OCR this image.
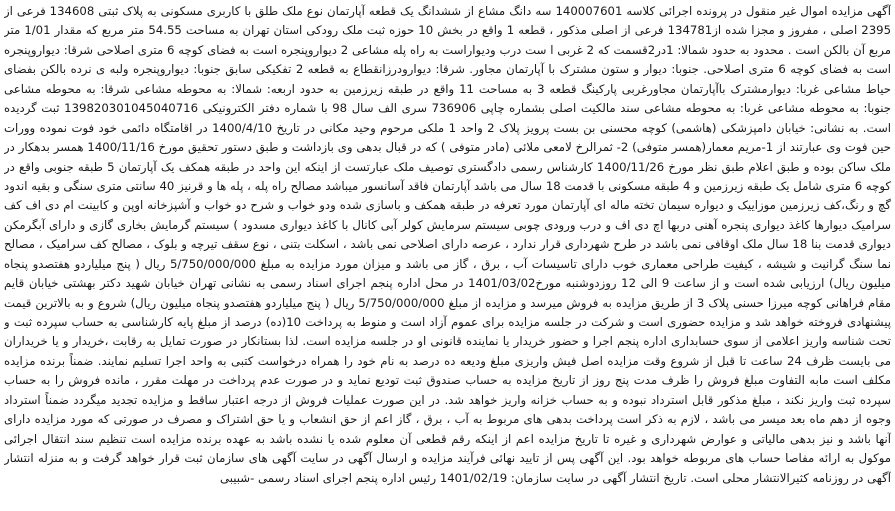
آگهی مزایده اموال غیر منقول در پرونده اجرائی کلاسه 140007601 سه دانگ مشاع از ششدانگ یک قطعه آپارتمان نوع ملک طلق با کاربری مسکونی به پلاک ثبتی 134608 فرعی از 2395 اصلی ، مفروز و مجزا شده از134781 فرعی از اصلی مذکور ، قطعه 1 واقع در بخش 10 حوزه ثبت ملک رودکی استان تهران به مساحت 54.55 متر مربع که مقدار 1/01 متر مربع آن بالکن است . محدود به حدود شمالا: 1در2قسمت که 2 غربی ا ست درب وديواراست به راه پله مشاعی 2 ديواروپنجره است به فضای کوچه 6 متری اصلاحی شرقا: ديواروپنجره است به فضای کوچه 6 متری اصلاحی. جنوبا: ديوار و ستون مشترک با آپارتمان مجاور. شرقا: دیوارودرزانقطاع به قطعه 2 تفکیکی سابق جنوبا: دیواروپنجره ولبه ی نرده بالکن بفضای حیاط مشاعی غربا: دیوارمشترک باآپارتمان مجاورغربی پارکینگ قطعه 3 به مساحت 11 واقع در طبقه زیرزمین به حدود اربعه: شمالا: به محوطه مشاعی شرقا: به محوطه مشاعی جنوبا: به محوطه مشاعی غربا: به محوطه مشاعی سند مالکیت اصلی بشماره چاپی 736906 سری الف سال 98 با شماره دفتر الکترونیکی 139820301045040716 ثبت گردیده است. به نشانی: خیابان دامپزشکی (هاشمی) کوچه محسنی بن بست پرویز پلاک 2 واحد 1 ملکی مرحوم وحید مکانی در تاریخ 1400/4/10 در اقامتگاه دائمی خود فوت نموده وورات حین فوت وی عبارتند از 1-مریم معمار(همسر متوفی) 2- ثمرالرخ لامعی ملائی (مادر متوفی ) که در قبال بدهی وی بازداشت و طبق دستور تحقیق مورخ 1400/11/16 همسر بدهکار در ملک ساکن بوده و طبق اعلام طبق نظر مورخ 1400/11/26 کارشناس رسمی دادگستری توصیف ملک عبارتست از اینکه این واحد در طبقه همکف یک آپارتمان 5 طبقه جنوبی واقع در کوچه 6 متری شامل یک طبقه زیرزمین و 4 طبقه مسکونی با قدمت 18 سال می باشد آپارتمان فاقد آسانسور میباشد مصالح راه پله ، پله ها و قرنیز 40 سانتی متری سنگی و بقیه اندود گچ و رنگ،کف زیرزمین موزاییک و دیواره سیمان تخته ماله ای آپارتمان مورد تعرفه در طبقه همکف و باسازی شده ودو خواب و شرح دو خواب و آشپزخانه اوپن و کابینت ام دی اف کف سرامیک دیوارها کاغذ دیواری پنجره آهنی دربها اچ دی اف و درب ورودی چوبی سیستم سرمایش کولر آبی کانال با کاغذ دیواری مسدود ) سیستم گرمایش بخاری گازی و دارای آبگرمکن دیواری قدمت بنا 18 سال ملک اوقافی نمی باشد در طرح شهرداری قرار ندارد ، عرصه دارای اصلاحی نمی باشد ، اسکلت بتنی ، نوع سقف تیرچه و بلوک ، مصالح کف سرامیک ، مصالح نما سنگ گرانیت و شیشه ، کیفیت طراحی معماری خوب دارای تاسیسات آب ، برق ، گاز می باشد و میزان مورد مزایده به مبلغ 5/750/000/000 ریال ( پنج میلیاردو هفتصدو پنجاه میلیون ریال) ارزیابی شده است و از ساعت 9 الی 12 روزدوشنبه مورخ1401/03/02 در محل اداره پنجم اجرای اسناد رسمی به نشانی تهران خیابان شهید دکتر بهشتی خیابان قایم مقام فراهانی کوچه میرزا حسنی پلاک 3 از طریق مزایده به فروش میرسد و مزایده از مبلغ 5/750/000/000 ریال ( پنج میلیاردو هفتصدو پنجاه میلیون ریال) شروع و به بالاترین قیمت پیشنهادی فروخته خواهد شد و مزایده حضوری است و شرکت در جلسه مزایده برای عموم آزاد است و منوط به پرداخت 10(ده) درصد از مبلغ پایه کارشناسی به حساب سپرده ثبت و تحت شناسه واریز اعلامی از سوی حسابداری اداره پنجم اجرا و حضور خریدار یا نماینده قانونی او در جلسه مزایده است. لذا بستانکار در صورت تمایل به رقابت ،خریدار و یا خریداران می بایست ظرف 24 ساعت تا قبل از شروع وقت مزایده اصل فیش واریزی مبلغ ودیعه ده درصد به نام خود را همراه درخواست کتبی به واحد اجرا تسلیم نمایند. ضمناً برنده مزایده مکلف است مابه التفاوت مبلغ فروش را ظرف مدت پنج روز از تاریخ مزایده به حساب صندوق ثبت تودیع نماید و در صورت عدم پرداخت در مهلت مقرر ، مانده فروش را به حساب سپرده ثبت واریز نکند ، مبلغ مذکور قابل استرداد نبوده و به حساب خزانه واریز خواهد شد. در این صورت عملیات فروش از درجه اعتبار ساقط و مزایده تجدید میگردد ضمناً استرداد وجوه از دهم ماه بعد میسر می باشد ، لازم به ذکر است پرداخت بدهی های مربوط به آب ، برق ، گاز اعم از حق انشعاب و یا حق اشتراک و مصرف در صورتی که مورد مزایده دارای آنها باشد و نیز بدهی مالیاتی و عوارض شهرداری و غیره تا تاریخ مزایده اعم از اینکه رقم قطعی آن معلوم شده یا نشده باشد به عهده برنده مزایده است تنظیم سند انتقال اجرائی موکول به ارائه مفاصا حساب های مربوطه خواهد بود. این آگهی پس از تایید نهائی فرآیند مزایده و ارسال آگهی در سایت آگهی های سازمان ثبت قرار خواهد گرفت و به منزله انتشار آگهی در روزنامه کثیرالانتشار محلی است. تاریخ انتشار آگهی در سایت سازمان: 1401/02/19 رئیس اداره پنجم اجرای اسناد رسمی -شبیبی
